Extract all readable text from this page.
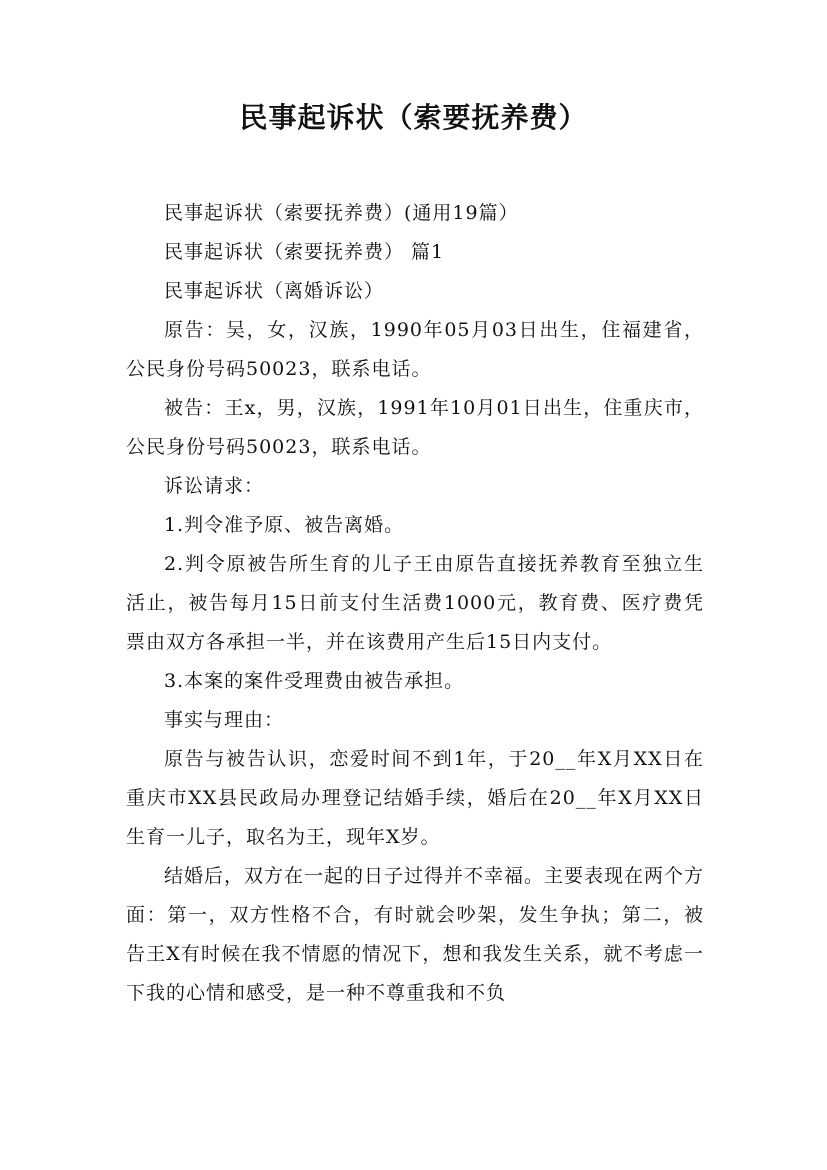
民事起诉状（索要抚养费）

民事起诉状（索要抚养费）(通用19篇）

民事起诉状（索要抚养费） 篇1

民事起诉状（离婚诉讼）

原告：吴，女，汉族，1990年05月03日出生，住福建省，公民身份号码50023，联系电话。

被告：王x，男，汉族，1991年10月01日出生，住重庆市，公民身份号码50023，联系电话。

诉讼请求：

1.判令准予原、被告离婚。

2.判令原被告所生育的儿子王由原告直接抚养教育至独立生活止，被告每月15日前支付生活费1000元，教育费、医疗费凭票由双方各承担一半，并在该费用产生后15日内支付。

3.本案的案件受理费由被告承担。

事实与理由：

原告与被告认识，恋爱时间不到1年，于20__年X月XX日在重庆市XX县民政局办理登记结婚手续，婚后在20__年X月XX日生育一儿子，取名为王，现年X岁。

结婚后，双方在一起的日子过得并不幸福。主要表现在两个方面：第一，双方性格不合，有时就会吵架，发生争执；第二，被告王X有时候在我不情愿的情况下，想和我发生关系，就不考虑一下我的心情和感受，是一种不尊重我和不负
